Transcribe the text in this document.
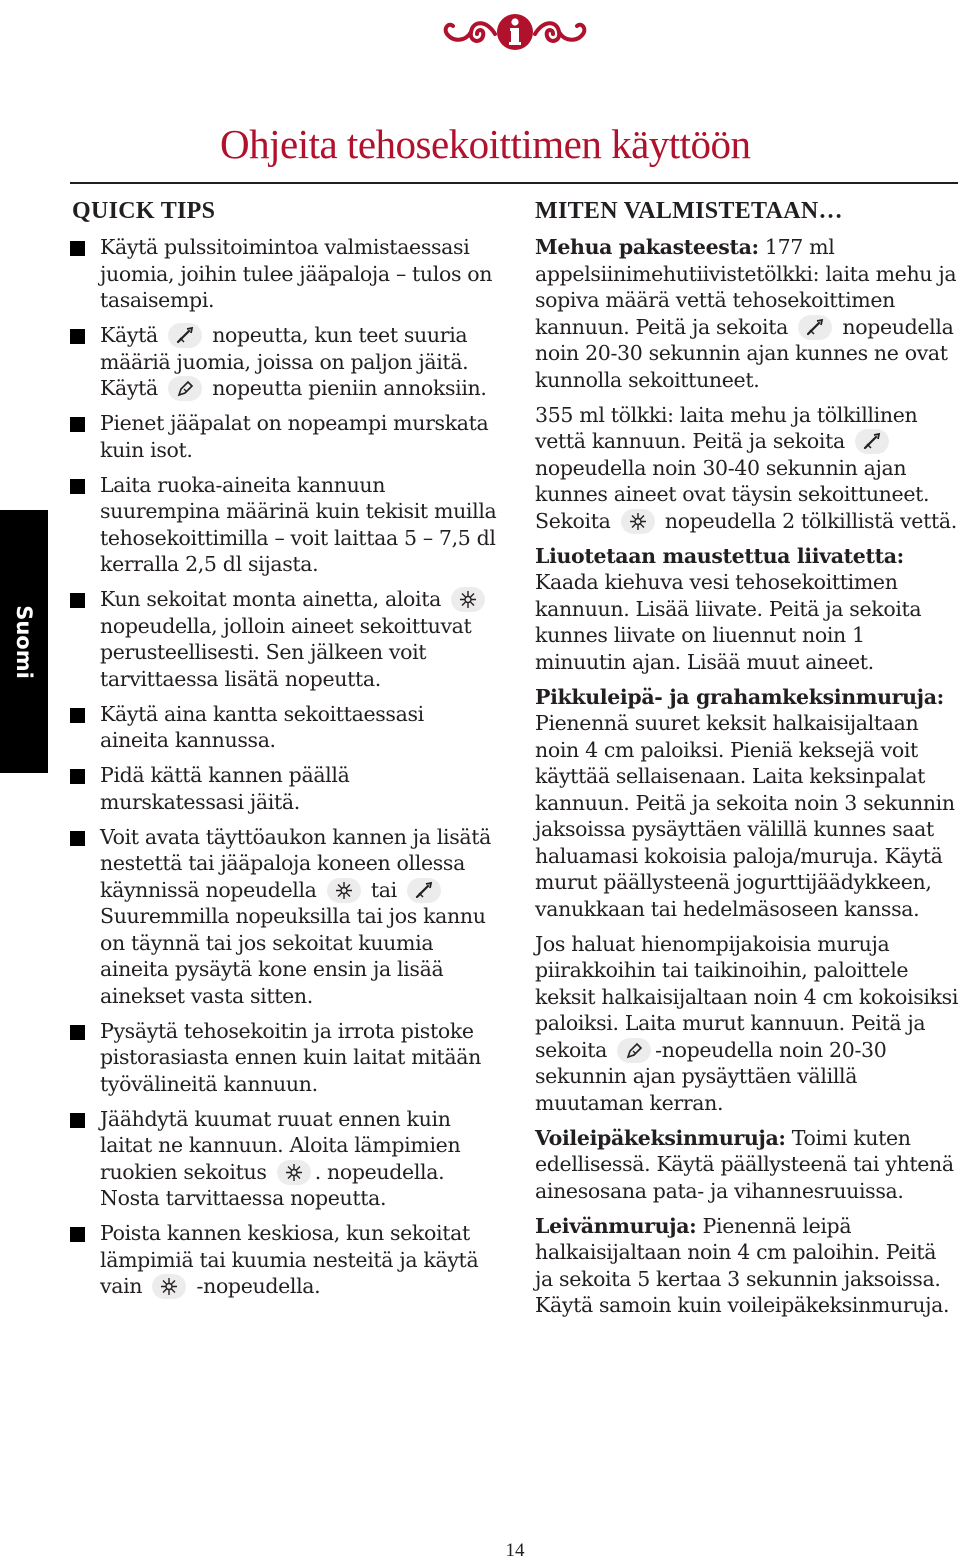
Ohjeita tehosekoittimen käyttöön
Suomi
QUICK TIPS
Käytä pulssitoimintoa valmistaessasi juomia, joihin tulee jääpaloja – tulos on tasaisempi.
Käytä	nopeutta, kun teet suuria määriä juomia, joissa on paljon jäitä. Käytä	nopeutta pieniin annoksiin.
Pienet jääpalat on nopeampi murskata kuin isot.
Laita ruoka-aineita kannuun suurempina määrinä kuin tekisit muilla tehosekoittimilla – voit laittaa 5 – 7,5 dl kerralla 2,5 dl sijasta.
Kun sekoitat monta ainetta, aloita
nopeudella, jolloin aineet sekoittuvat perusteellisesti. Sen jälkeen voit tarvittaessa lisätä nopeutta.
Käytä aina kantta sekoittaessasi aineita kannussa.
Pidä kättä kannen päällä murskatessasi jäitä.
Voit avata täyttöaukon kannen ja lisätä nestettä tai jääpaloja koneen ollessa käynnissä nopeudella	tai
Suuremmilla nopeuksilla tai jos kannu on täynnä tai jos sekoitat kuumia aineita pysäytä kone ensin ja lisää ainekset vasta sitten.
Pysäytä tehosekoitin ja irrota pistoke pistorasiasta ennen kuin laitat mitään työvälineitä kannuun.
Jäähdytä kuumat ruuat ennen kuin laitat ne kannuun. Aloita lämpimien ruokien sekoitus . nopeudella. Nosta tarvittaessa nopeutta.
Poista kannen keskiosa, kun sekoitat lämpimiä tai kuumia nesteitä ja käytä vain	-nopeudella.
MITEN VALMISTETAAN…

Mehua pakasteesta: 177 ml appelsiinimehutiivistetölkki: laita mehu ja sopiva määrä vettä tehosekoittimen kannuun. Peitä ja sekoita	nopeudella noin 20-30 sekunnin ajan kunnes ne ovat kunnolla sekoittuneet.

355 ml tölkki: laita mehu ja tölkillinen vettä kannuun. Peitä ja sekoita
nopeudella noin 30-40 sekunnin ajan kunnes aineet ovat täysin sekoittuneet. Sekoita	nopeudella 2 tölkillistä vettä.

Liuotetaan maustettua liivatetta: Kaada kiehuva vesi tehosekoittimen kannuun. Lisää liivate. Peitä ja sekoita kunnes liivate on liuennut noin 1 minuutin ajan. Lisää muut aineet.

Pikkuleipä- ja grahamkeksinmuruja: Pienennä suuret keksit halkaisijaltaan noin 4 cm paloiksi. Pieniä keksejä voit käyttää sellaisenaan. Laita keksinpalat kannuun. Peitä ja sekoita noin 3 sekunnin jaksoissa pysäyttäen välillä kunnes saat haluamasi kokoisia paloja/muruja. Käytä murut päällysteenä jogurttijäädykkeen, vanukkaan tai hedelmäsoseen kanssa.

Jos haluat hienompijakoisia muruja piirakkoihin tai taikinoihin, paloittele keksit halkaisijaltaan noin 4 cm kokoisiksi paloiksi. Laita murut kannuun. Peitä ja sekoita -nopeudella noin 20-30 sekunnin ajan pysäyttäen välillä muutaman kerran.

Voileipäkeksinmuruja: Toimi kuten edellisessä. Käytä päällysteenä tai yhtenä ainesosana pata- ja vihannesruuissa.

Leivänmuruja: Pienennä leipä halkaisijaltaan noin 4 cm paloihin. Peitä ja sekoita 5 kertaa 3 sekunnin jaksoissa. Käytä samoin kuin voileipäkeksinmuruja.

14
